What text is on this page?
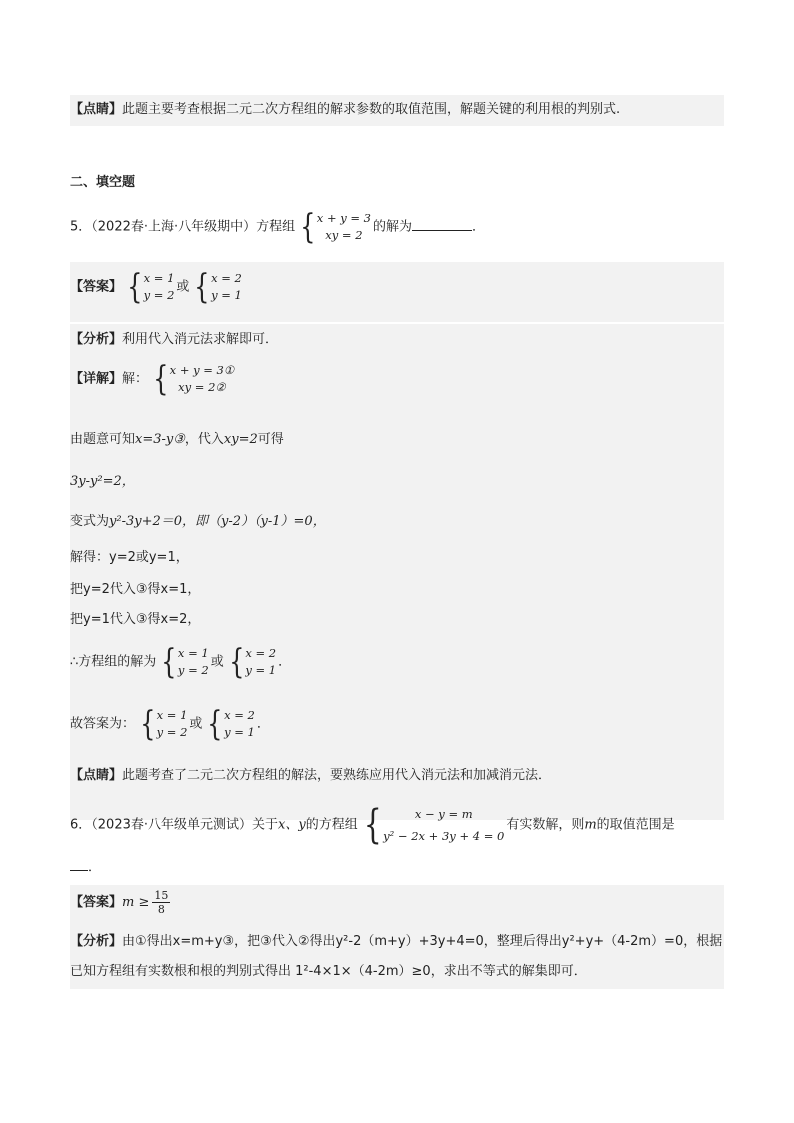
【点睛】此题主要考查根据二元二次方程组的解求参数的取值范围，解题关键的利用根的判别式.
二、填空题
5．（2022春·上海·八年级期中）方程组 { x + y = 3
xy = 2
的解为	．
【答案】 { x = 1
y = 2
或 { x = 2
y = 1
【分析】利用代入消元法求解即可．
【详解】解： { x + y = 3①
xy = 2②
由题意可知x=3-y③，代入xy=2可得
3y-y²=2，
变式为y²-3y+2＝0，即（y-2）（y-1）=0，
解得：y=2或y=1，
把y=2代入③得x=1，
把y=1代入③得x=2，
∴方程组的解为 { x = 1
y = 2
或 { x = 2
y = 1
．
故答案为： { x = 1
y = 2
或 { x = 2
y = 1
．
【点睛】此题考查了二元二次方程组的解法，要熟练应用代入消元法和加减消元法．
6．（2023春·八年级单元测试）关于x、y的方程组 {	x − y = m
y² − 2x + 3y + 4 = 0
有实数解，则m的取值范围是
．
【答案】$m \ge \frac{15}{8}$
【分析】由①得出x=m+y③，把③代入②得出y²-2（m+y）+3y+4=0，整理后得出y²+y+（4-2m）=0，根据
已知方程组有实数根和根的判别式得出 1²-4×1×（4-2m）≥0，求出不等式的解集即可．
